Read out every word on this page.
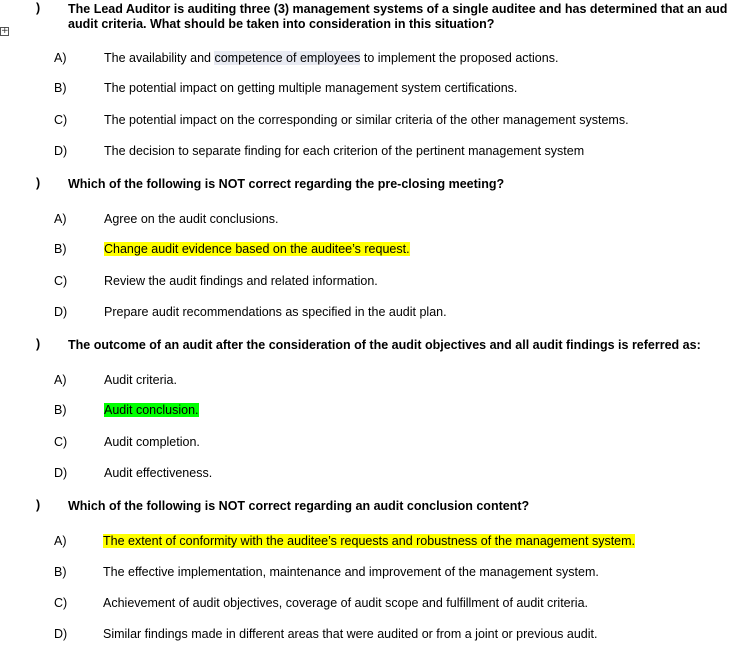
+
) The Lead Auditor is auditing three (3) management systems of a single auditee and has determined that an aud
audit criteria. What should be taken into consideration in this situation?
A)	The availability and competence of employees to implement the proposed actions.
B)	The potential impact on getting multiple management system certifications.
C)	The potential impact on the corresponding or similar criteria of the other management systems.
D)	The decision to separate finding for each criterion of the pertinent management system
) Which of the following is NOT correct regarding the pre-closing meeting?
A)	Agree on the audit conclusions.
B)	Change audit evidence based on the auditee’s request.
C)	Review the audit findings and related information.
D)	Prepare audit recommendations as specified in the audit plan.
) The outcome of an audit after the consideration of the audit objectives and all audit findings is referred as:
A)	Audit criteria.
B)	Audit conclusion.
C)	Audit completion.
D)	Audit effectiveness.
) Which of the following is NOT correct regarding an audit conclusion content?
A)	The extent of conformity with the auditee’s requests and robustness of the management system.
B)	The effective implementation, maintenance and improvement of the management system.
C)	Achievement of audit objectives, coverage of audit scope and fulfillment of audit criteria.
D)	Similar findings made in different areas that were audited or from a joint or previous audit.
